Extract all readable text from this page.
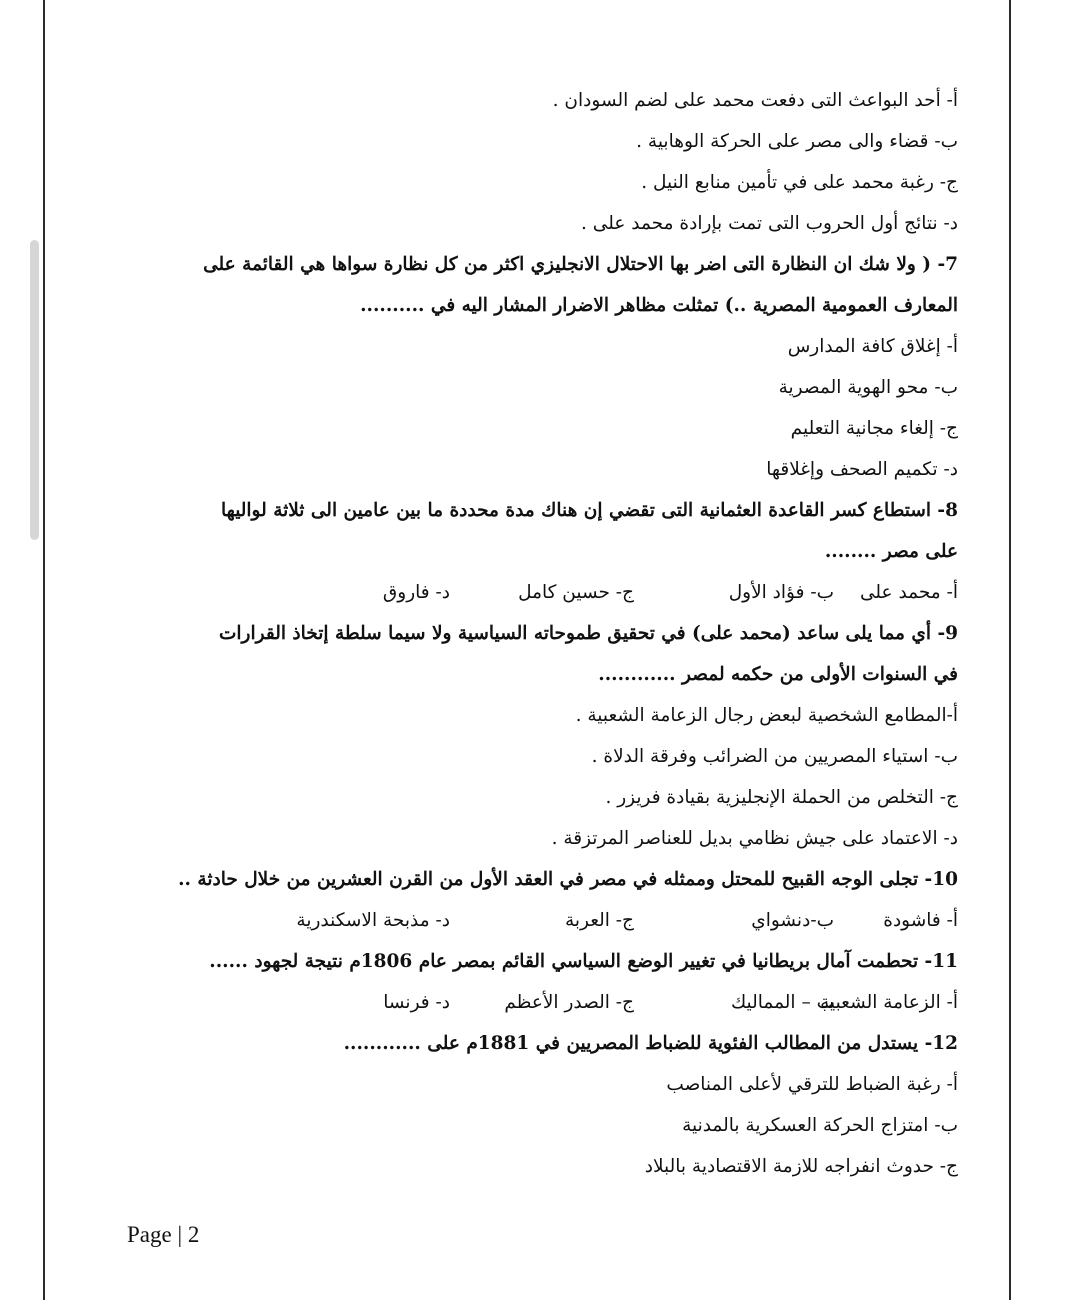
أ- أحد البواعث التى دفعت محمد على لضم السودان .
ب- قضاء والى مصر على الحركة الوهابية .
ج- رغبة محمد على في تأمين منابع النيل .
د- نتائج أول الحروب التى تمت بإرادة محمد على .
7- ( ولا شك ان النظارة التى اضر بها الاحتلال الانجليزي اكثر من كل نظارة سواها هي القائمة على
المعارف العمومية المصرية ..) تمثلت مظاهر الاضرار المشار اليه في ..........
أ- إغلاق كافة المدارس
ب- محو الهوية المصرية
ج- إلغاء مجانية التعليم
د- تكميم الصحف وإغلاقها
8- استطاع كسر القاعدة العثمانية التى تقضي إن هناك مدة محددة ما بين عامين الى ثلاثة لواليها
على مصر ........
أ- محمد على
ب- فؤاد الأول
ج- حسين كامل
د- فاروق
9- أي مما يلى ساعد (محمد على) في تحقيق طموحاته السياسية ولا سيما سلطة إتخاذ القرارات
في السنوات الأولى من حكمه لمصر ............
أ-المطامع الشخصية لبعض رجال الزعامة الشعبية .
ب- استياء المصريين من الضرائب وفرقة الدلاة .
ج- التخلص من الحملة الإنجليزية بقيادة فريزر .
د- الاعتماد على جيش نظامي بديل للعناصر المرتزقة .
10- تجلى الوجه القبيح للمحتل وممثله في مصر في العقد الأول من القرن العشرين من خلال حادثة ..
أ- فاشودة
ب-دنشواي
ج- العربة
د- مذبحة الاسكندرية
11- تحطمت آمال بريطانيا في تغيير الوضع السياسي القائم بمصر عام 1806م نتيجة لجهود ......
أ- الزعامة الشعبية
ب – المماليك
ج- الصدر الأعظم
د- فرنسا
12- يستدل من المطالب الفئوية للضباط المصريين في 1881م على ............
أ- رغبة الضباط للترقي لأعلى المناصب
ب- امتزاج الحركة العسكرية بالمدنية
ج- حدوث انفراجه للازمة الاقتصادية بالبلاد
Page | 2
